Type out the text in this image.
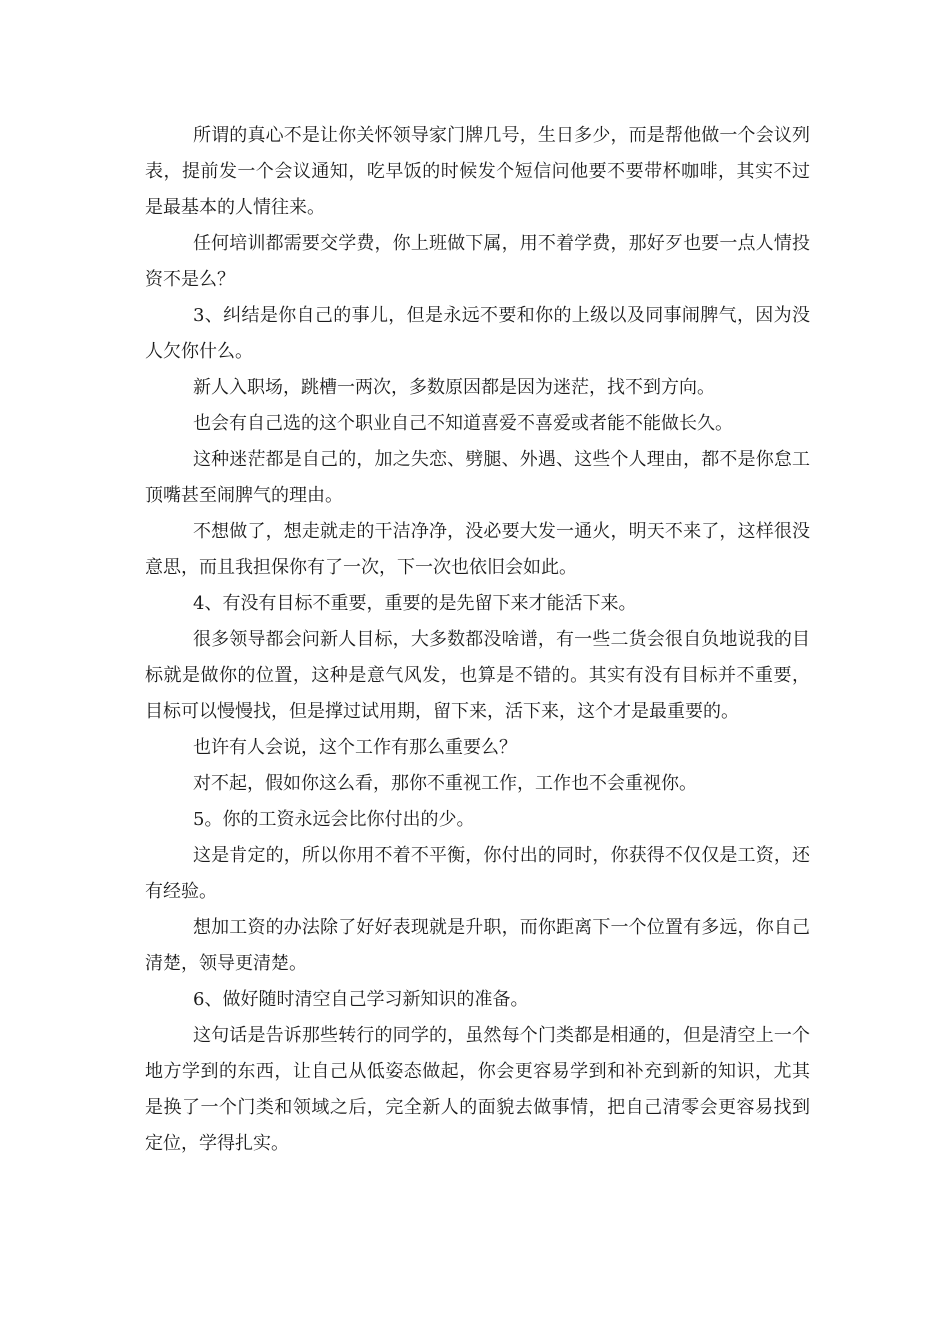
所谓的真心不是让你关怀领导家门牌几号，生日多少，而是帮他做一个会议列表，提前发一个会议通知，吃早饭的时候发个短信问他要不要带杯咖啡，其实不过是最基本的人情往来。

任何培训都需要交学费，你上班做下属，用不着学费，那好歹也要一点人情投资不是么？

3、纠结是你自己的事儿，但是永远不要和你的上级以及同事闹脾气，因为没人欠你什么。

新人入职场，跳槽一两次，多数原因都是因为迷茫，找不到方向。

也会有自己选的这个职业自己不知道喜爱不喜爱或者能不能做长久。

这种迷茫都是自己的，加之失恋、劈腿、外遇、这些个人理由，都不是你怠工顶嘴甚至闹脾气的理由。

不想做了，想走就走的干洁净净，没必要大发一通火，明天不来了，这样很没意思，而且我担保你有了一次，下一次也依旧会如此。

4、有没有目标不重要，重要的是先留下来才能活下来。

很多领导都会问新人目标，大多数都没啥谱，有一些二货会很自负地说我的目标就是做你的位置，这种是意气风发，也算是不错的。其实有没有目标并不重要，目标可以慢慢找，但是撑过试用期，留下来，活下来，这个才是最重要的。

也许有人会说，这个工作有那么重要么？

对不起，假如你这么看，那你不重视工作，工作也不会重视你。

5。你的工资永远会比你付出的少。

这是肯定的，所以你用不着不平衡，你付出的同时，你获得不仅仅是工资，还有经验。

想加工资的办法除了好好表现就是升职，而你距离下一个位置有多远，你自己清楚，领导更清楚。

6、做好随时清空自己学习新知识的准备。

这句话是告诉那些转行的同学的，虽然每个门类都是相通的，但是清空上一个地方学到的东西，让自己从低姿态做起，你会更容易学到和补充到新的知识，尤其是换了一个门类和领域之后，完全新人的面貌去做事情，把自己清零会更容易找到定位，学得扎实。
